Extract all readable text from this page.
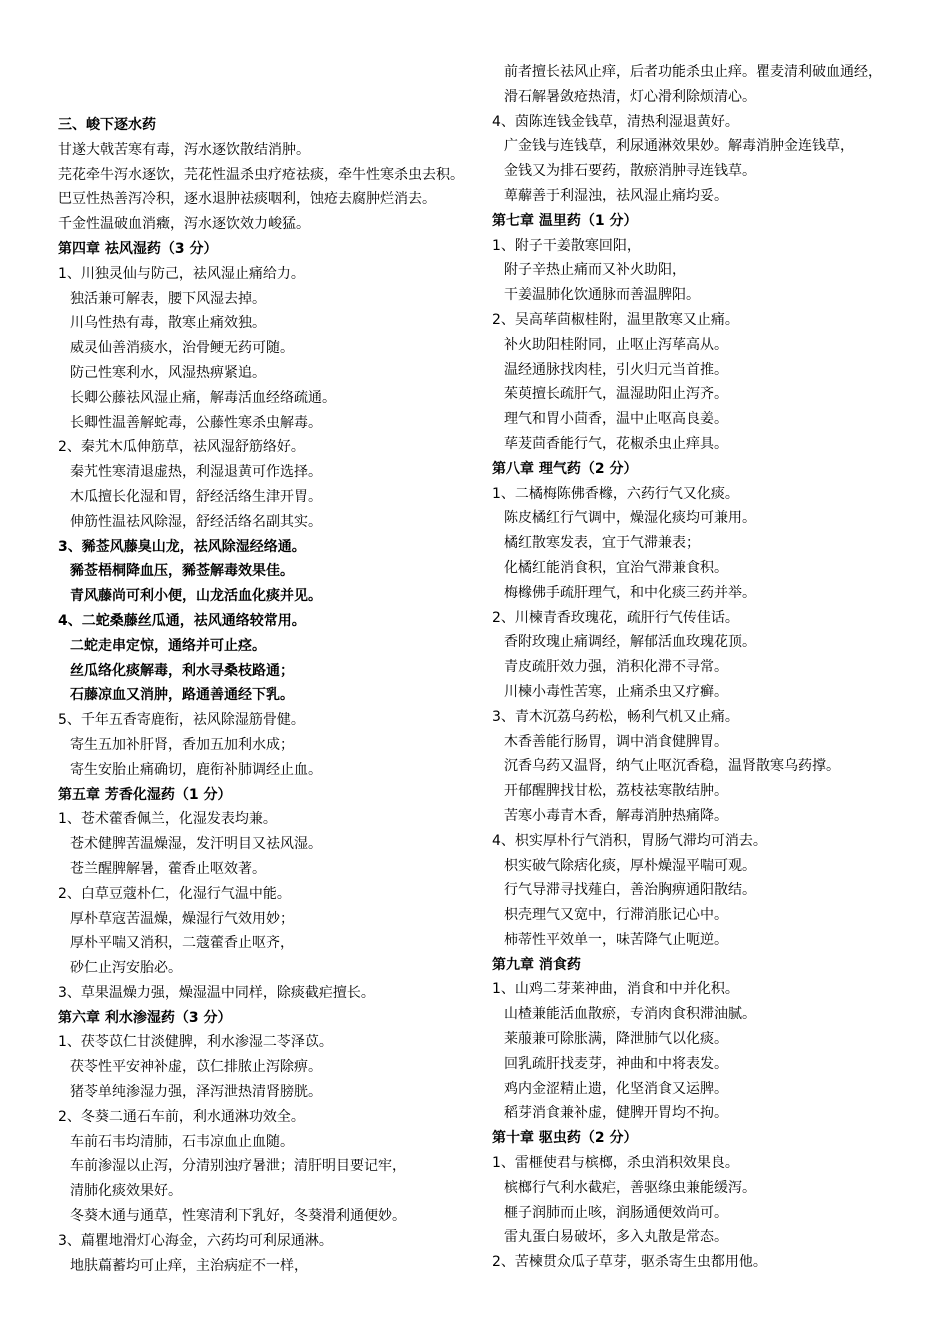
三、峻下逐水药
甘遂大戟苦寒有毒，泻水逐饮散结消肿。
芫花牵牛泻水逐饮，芫花性温杀虫疗疮祛痰，牵牛性寒杀虫去积。
巴豆性热善泻冷积，逐水退肿祛痰咽利，蚀疮去腐肿烂消去。
千金性温破血消癥，泻水逐饮效力峻猛。
第四章 祛风湿药（3 分）
1、川独灵仙与防己，祛风湿止痛给力。
独活兼可解表，腰下风湿去掉。
川乌性热有毒，散寒止痛效独。
威灵仙善消痰水，治骨鲠无药可随。
防己性寒利水，风湿热痹紧追。
长卿公藤祛风湿止痛，解毒活血经络疏通。
长卿性温善解蛇毒，公藤性寒杀虫解毒。
2、秦艽木瓜伸筋草，祛风湿舒筋络好。
秦艽性寒清退虚热，利湿退黄可作选择。
木瓜擅长化湿和胃，舒经活络生津开胃。
伸筋性温祛风除湿，舒经活络名副其实。
3、豨莶风藤臭山龙，祛风除湿经络通。
豨莶梧桐降血压，豨莶解毒效果佳。
青风藤尚可利小便，山龙活血化痰并见。
4、二蛇桑藤丝瓜通，祛风通络较常用。
二蛇走串定惊，通络并可止痉。
丝瓜络化痰解毒，利水寻桑枝路通；
石藤凉血又消肿，路通善通经下乳。
5、千年五香寄鹿衔，祛风除湿筋骨健。
寄生五加补肝肾，香加五加利水成；
寄生安胎止痛确切，鹿衔补肺调经止血。
第五章 芳香化湿药（1 分）
1、苍术藿香佩兰，化湿发表均兼。
苍术健脾苦温燥湿，发汗明目又祛风湿。
苍兰醒脾解暑，藿香止呕效著。
2、白草豆蔻朴仁，化湿行气温中能。
厚朴草寇苦温燥，燥湿行气效用妙；
厚朴平喘又消积，二蔻藿香止呕齐，
砂仁止泻安胎必。
3、草果温燥力强，燥湿温中同样，除痰截疟擅长。
第六章 利水渗湿药（3 分）
1、茯苓苡仁甘淡健脾，利水渗湿二苓泽苡。
茯苓性平安神补虚，苡仁排脓止泻除痹。
猪苓单纯渗湿力强，泽泻泄热清肾膀胱。
2、冬葵二通石车前，利水通淋功效全。
车前石韦均清肺，石韦凉血止血随。
车前渗湿以止泻，分清别浊疗暑泄；清肝明目要记牢，
清肺化痰效果好。
冬葵木通与通草，性寒清利下乳好，冬葵滑利通便妙。
3、萹瞿地滑灯心海金，六药均可利尿通淋。
地肤萹蓄均可止痒，主治病症不一样，
前者擅长祛风止痒，后者功能杀虫止痒。瞿麦清利破血通经，
滑石解暑敛疮热清，灯心滑利除烦清心。
4、茵陈连钱金钱草，清热利湿退黄好。
广金钱与连钱草，利尿通淋效果妙。解毒消肿金连钱草，
金钱又为排石要药，散瘀消肿寻连钱草。
萆薢善于利湿浊，祛风湿止痛均妥。
第七章 温里药（1 分）
1、附子干姜散寒回阳，
附子辛热止痛而又补火助阳，
干姜温肺化饮通脉而善温脾阳。
2、吴高荜茴椒桂附，温里散寒又止痛。
补火助阳桂附同，止呕止泻荜高从。
温经通脉找肉桂，引火归元当首推。
茱萸擅长疏肝气，温湿助阳止泻齐。
理气和胃小茴香，温中止呕高良姜。
荜茇茴香能行气，花椒杀虫止痒具。
第八章 理气药（2 分）
1、二橘梅陈佛香橼，六药行气又化痰。
陈皮橘红行气调中，燥湿化痰均可兼用。
橘红散寒发表，宜于气滞兼表；
化橘红能消食积，宜治气滞兼食积。
梅橼佛手疏肝理气，和中化痰三药并举。
2、川楝青香玫瑰花，疏肝行气传佳话。
香附玫瑰止痛调经，解郁活血玫瑰花顶。
青皮疏肝效力强，消积化滞不寻常。
川楝小毒性苦寒，止痛杀虫又疗癣。
3、青木沉荔乌药松，畅利气机又止痛。
木香善能行肠胃，调中消食健脾胃。
沉香乌药又温肾，纳气止呕沉香稳，温肾散寒乌药撑。
开郁醒脾找甘松，荔枝祛寒散结肿。
苦寒小毒青木香，解毒消肿热痛降。
4、枳实厚朴行气消积，胃肠气滞均可消去。
枳实破气除痞化痰，厚朴燥湿平喘可观。
行气导滞寻找薤白，善治胸痹通阳散结。
枳壳理气又宽中，行滞消胀记心中。
柿蒂性平效单一，味苦降气止呃逆。
第九章 消食药
1、山鸡二芽莱神曲，消食和中并化积。
山楂兼能活血散瘀，专消肉食积滞油腻。
莱菔兼可除胀满，降泄肺气以化痰。
回乳疏肝找麦芽，神曲和中将表发。
鸡内金涩精止遗，化坚消食又运脾。
稻芽消食兼补虚，健脾开胃均不拘。
第十章 驱虫药（2 分）
1、雷榧使君与槟榔，杀虫消积效果良。
槟榔行气利水截疟，善驱绦虫兼能缓泻。
榧子润肺而止咳，润肠通便效尚可。
雷丸蛋白易破坏，多入丸散是常态。
2、苦楝贯众瓜子草芽，驱杀寄生虫都用他。
